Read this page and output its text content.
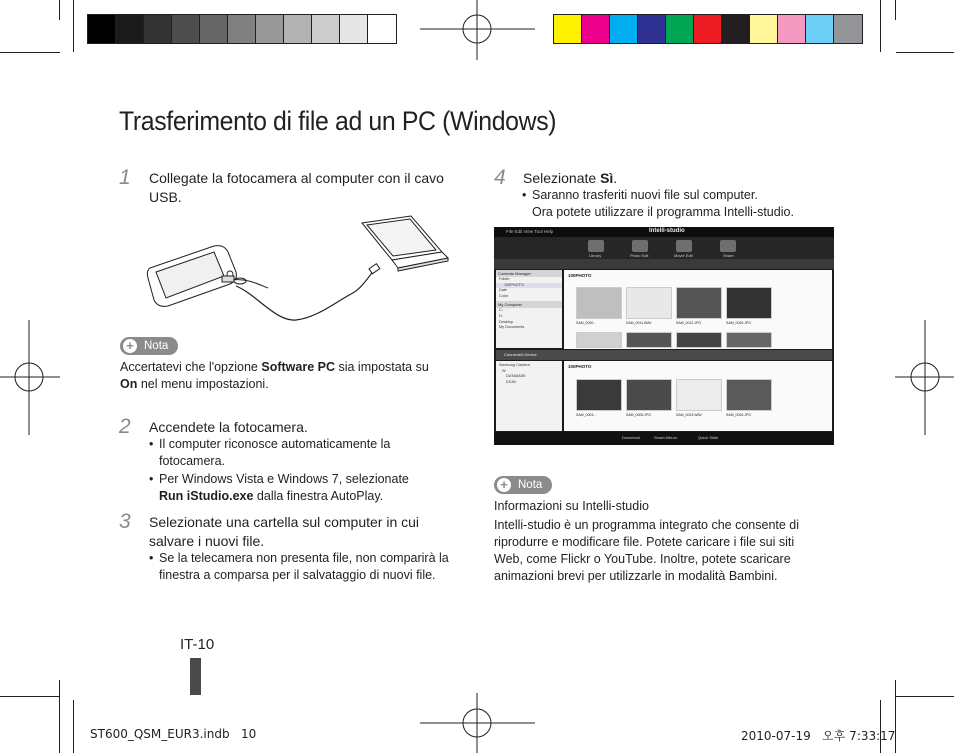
Trasferimento di file ad un PC (Windows)
1 Collegate la fotocamera al computer con il cavo USB.
+ Nota
Accertatevi che l'opzione Software PC sia impostata su
On nel menu impostazioni.
2 Accendete la fotocamera.
• Il computer riconosce automaticamente la fotocamera.
• Per Windows Vista e Windows 7, selezionate
Run iStudio.exe dalla finestra AutoPlay.
3 Selezionate una cartella sul computer in cui salvare i nuovi file.
• Se la telecamera non presenta file, non comparirà la finestra a comparsa per il salvataggio di nuovi file.
4 Selezionate Sì.
• Saranno trasferiti nuovi file sul computer.
Ora potete utilizzare il programma Intelli-studio.
File Edit View Tool Help	Intelli-studio
Library	Photo Edit	Movie Edit	Share
Contents Manager
Folder
100PHOTO
Date
Color
My Computer
C:
D:
Desktop
My Documents
100PHOTO
SAM_0030...	SAM_0011.WAV	SAM_0012.JPG	SAM_0026.JPG
Connected Device
Samsung Camera
W
DATABASE
DCIM
100PHOTO
SAM_0003...	SAM_0005.JPG	SAM_0024.WAV	SAM_0026.JPG
Download	Smart Album	Quick Slide
+ Nota
Informazioni su Intelli-studio
Intelli-studio è un programma integrato che consente di riprodurre e modificare file. Potete caricare i file sui siti Web, come Flickr o YouTube. Inoltre, potete scaricare animazioni brevi per utilizzarle in modalità Bambini.
IT-10
ST600_QSM_EUR3.indb   10	2010-07-19   오후 7:33:17
